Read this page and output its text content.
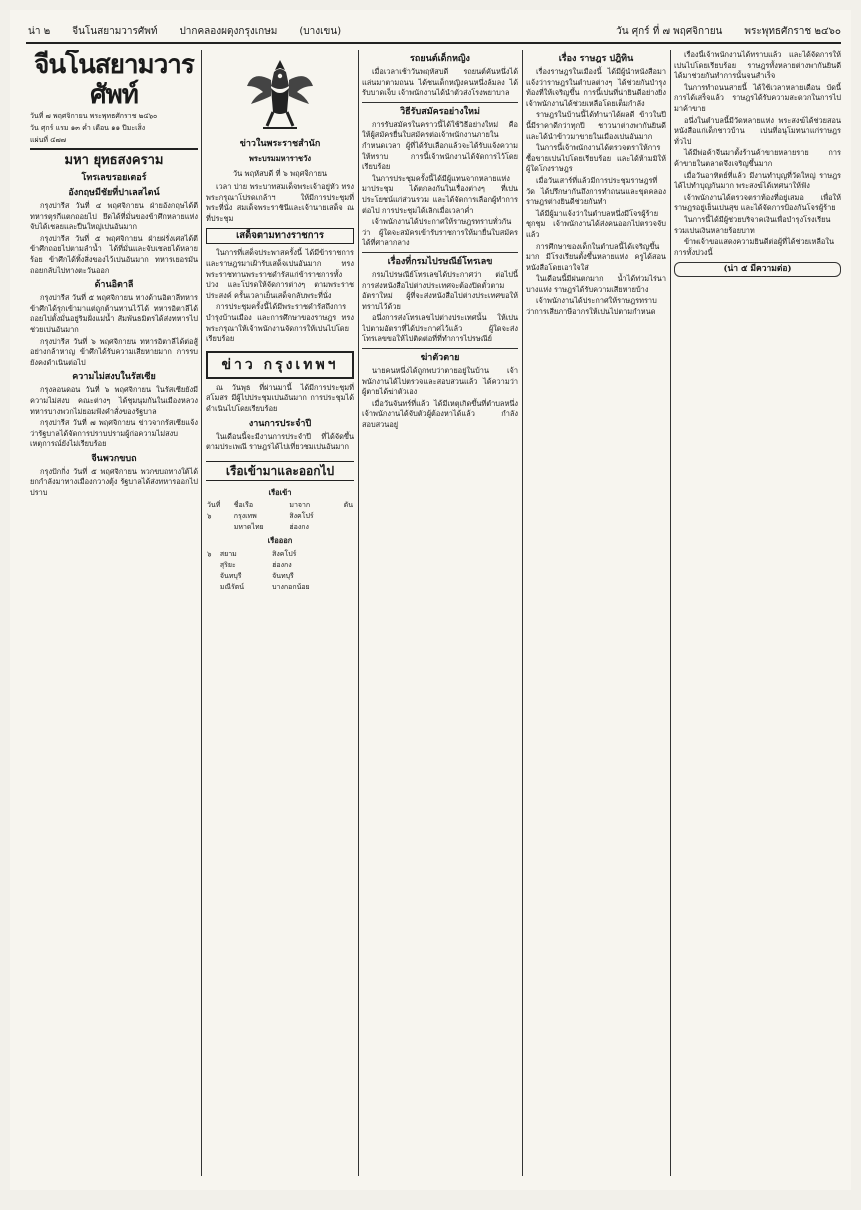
น่า ๒ จีนโนสยามวารศัพท์ ปากคลองผดุงกรุงเกษม (บางเขน)	วัน ศุกร์ ที่ ๗ พฤศจิกายน พระพุทธศักราช ๒๔๖๐
จีนโนสยามวารศัพท์
วันที่ ๗ พฤศจิกายน พระพุทธศักราช ๒๔๖๐
วัน ศุกร์ แรม ๑๓ ค่ำ เดือน ๑๑ ปีมะเส็ง
แผ่นที่ ๔๗๗
มหา ยุทธสงคราม
โทรเลขรอยเตอร์
อังกฤษมีชัยที่ปาเลสไตน์

กรุงปารีส วันที่ ๔ พฤศจิกายน ฝ่ายอังกฤษได้ตีทหารตุรกีแตกถอยไป ยึดได้ที่มั่นของข้าศึกหลายแห่ง จับได้เชลยและปืนใหญ่เปนอันมาก

กรุงปารีส วันที่ ๕ พฤศจิกายน ฝ่ายฝรั่งเศสได้ตีข้าศึกถอยไปตามลำน้ำ ได้ที่มั่นและจับเชลยได้หลายร้อย ข้าศึกได้ทิ้งสิ่งของไว้เปนอันมาก ทหารเยอรมันถอยกลับไปทางตะวันออก

ด้านอิตาลี

กรุงปารีส วันที่ ๕ พฤศจิกายน ทางด้านอิตาลีทหารข้าศึกได้รุกเข้ามาแต่ถูกต้านทานไว้ได้ ทหารอิตาลีได้ถอยไปตั้งมั่นอยู่ริมฝั่งแม่น้ำ สัมพันธมิตรได้ส่งทหารไปช่วยเปนอันมาก

กรุงปารีส วันที่ ๖ พฤศจิกายน ทหารอิตาลีได้ต่อสู้อย่างกล้าหาญ ข้าศึกได้รับความเสียหายมาก การรบยังคงดำเนินต่อไป

ความไม่สงบในรัสเซีย

กรุงลอนดอน วันที่ ๖ พฤศจิกายน ในรัสเซียยังมีความไม่สงบ คณะต่างๆ ได้ชุมนุมกันในเมืองหลวง ทหารบางพวกไม่ยอมฟังคำสั่งของรัฐบาล

กรุงปารีส วันที่ ๗ พฤศจิกายน ข่าวจากรัสเซียแจ้งว่ารัฐบาลได้จัดการปราบปรามผู้ก่อความไม่สงบ เหตุการณ์ยังไม่เรียบร้อย

จีนพวกขบถ

กรุงปักกิ่ง วันที่ ๕ พฤศจิกายน พวกขบถทางใต้ได้ยกกำลังมาทางเมืองกวางตุ้ง รัฐบาลได้ส่งทหารออกไปปราบ

ข่าวในพระราชสำนัก
พระบรมมหาราชวัง
วัน พฤหัสบดี ที่ ๖ พฤศจิกายน

เวลา บ่าย พระบาทสมเด็จพระเจ้าอยู่หัว ทรงพระกรุณาโปรดเกล้าฯ ให้มีการประชุมที่พระที่นั่ง สมเด็จพระราชินีและเจ้านายเสด็จ ณ ที่ประชุม

เสด็จตามทางราชการ

ในการที่เสด็จประพาสครั้งนี้ ได้มีข้าราชการและราษฎรมาเฝ้ารับเสด็จเปนอันมาก ทรงพระราชทานพระราชดำรัสแก่ข้าราชการทั้งปวง และโปรดให้จัดการต่างๆ ตามพระราชประสงค์ ครั้นเวลาเย็นเสด็จกลับพระที่นั่ง

การประชุมครั้งนี้ได้มีพระราชดำรัสถึงการบำรุงบ้านเมือง และการศึกษาของราษฎร ทรงพระกรุณาให้เจ้าพนักงานจัดการให้เปนไปโดยเรียบร้อย

ข่าว กรุงเทพฯ

ณ วันพุธ ที่ผ่านมานี้ ได้มีการประชุมที่สโมสร มีผู้ไปประชุมเปนอันมาก การประชุมได้ดำเนินไปโดยเรียบร้อย

งานการประจำปี

ในเดือนนี้จะมีงานการประจำปี ที่ได้จัดขึ้นตามประเพณี ราษฎรได้ไปเที่ยวชมเปนอันมาก

เรือเข้ามาและออกไป
เรือเข้า
วันที่	ชื่อเรือ	มาจาก	ตัน
๖	กรุงเทพ	สิงคโปร์	
	มหาดไทย	ฮ่องกง	
เรือออก
๖	สยาม	สิงคโปร์	
	สุริยะ	ฮ่องกง	
	จันทบุรี	จันทบุรี	
	มณีรัตน์	บางกอกน้อย	
รถยนต์เด็กหญิง

เมื่อเวลาเช้าวันพฤหัสบดี รถยนต์คันหนึ่งได้แล่นมาตามถนน ได้ชนเด็กหญิงคนหนึ่งล้มลง ได้รับบาดเจ็บ เจ้าพนักงานได้นำตัวส่งโรงพยาบาล

วิธีรับสมัครอย่างใหม่

การรับสมัครในคราวนี้ได้ใช้วิธีอย่างใหม่ คือให้ผู้สมัครยื่นใบสมัครต่อเจ้าพนักงานภายในกำหนดเวลา ผู้ที่ได้รับเลือกแล้วจะได้รับแจ้งความให้ทราบ การนี้เจ้าพนักงานได้จัดการไว้โดยเรียบร้อย

ในการประชุมครั้งนี้ได้มีผู้แทนจากหลายแห่งมาประชุม ได้ตกลงกันในเรื่องต่างๆ ที่เปนประโยชน์แก่ส่วนรวม และได้จัดการเลือกผู้ทำการต่อไป การประชุมได้เลิกเมื่อเวลาค่ำ

เจ้าพนักงานได้ประกาศให้ราษฎรทราบทั่วกันว่า ผู้ใดจะสมัครเข้ารับราชการให้มายื่นใบสมัครได้ที่ศาลากลาง

เรื่องที่กรมไปรษณีย์โทรเลข

กรมไปรษณีย์โทรเลขได้ประกาศว่า ต่อไปนี้การส่งหนังสือไปต่างประเทศจะต้องปิดตั๋วตามอัตราใหม่ ผู้ที่จะส่งหนังสือไปต่างประเทศขอให้ทราบไว้ด้วย

อนึ่งการส่งโทรเลขไปต่างประเทศนั้น ให้เปนไปตามอัตราที่ได้ประกาศไว้แล้ว ผู้ใดจะส่งโทรเลขขอให้ไปติดต่อที่ที่ทำการไปรษณีย์

ฆ่าตัวตาย

นายคนหนึ่งได้ถูกพบว่าตายอยู่ในบ้าน เจ้าพนักงานได้ไปตรวจและสอบสวนแล้ว ได้ความว่าผู้ตายได้ฆ่าตัวเอง

เมื่อวันจันทร์ที่แล้ว ได้มีเหตุเกิดขึ้นที่ตำบลหนึ่ง เจ้าพนักงานได้จับตัวผู้ต้องหาได้แล้ว กำลังสอบสวนอยู่

เรื่อง ราษฎร ปฎิทิน

เรื่องราษฎรในเมืองนี้ ได้มีผู้นำหนังสือมาแจ้งว่าราษฎรในตำบลต่างๆ ได้ช่วยกันบำรุงท้องที่ให้เจริญขึ้น การนี้เปนที่น่ายินดีอย่างยิ่ง เจ้าพนักงานได้ช่วยเหลือโดยเต็มกำลัง

ราษฎรในบ้านนี้ได้ทำนาได้ผลดี ข้าวในปีนี้มีราคาดีกว่าทุกปี ชาวนาต่างพากันยินดี และได้นำข้าวมาขายในเมืองเปนอันมาก

ในการนี้เจ้าพนักงานได้ตรวจตราให้การซื้อขายเปนไปโดยเรียบร้อย และได้ห้ามมิให้ผู้ใดโกงราษฎร

เมื่อวันเสาร์ที่แล้วมีการประชุมราษฎรที่วัด ได้ปรึกษากันถึงการทำถนนและขุดคลอง ราษฎรต่างยินดีช่วยกันทำ

ได้มีผู้มาแจ้งว่าในตำบลหนึ่งมีโจรผู้ร้ายชุกชุม เจ้าพนักงานได้ส่งคนออกไปตรวจจับแล้ว

การศึกษาของเด็กในตำบลนี้ได้เจริญขึ้นมาก มีโรงเรียนตั้งขึ้นหลายแห่ง ครูได้สอนหนังสือโดยเอาใจใส่

ในเดือนนี้มีฝนตกมาก น้ำได้ท่วมไร่นาบางแห่ง ราษฎรได้รับความเสียหายบ้าง

เจ้าพนักงานได้ประกาศให้ราษฎรทราบว่าการเสียภาษีอากรให้เปนไปตามกำหนด

เรื่องนี้เจ้าพนักงานได้ทราบแล้ว และได้จัดการให้เปนไปโดยเรียบร้อย ราษฎรทั้งหลายต่างพากันยินดี ได้มาช่วยกันทำการนั้นจนสำเร็จ

ในการทำถนนสายนี้ ได้ใช้เวลาหลายเดือน บัดนี้การได้เสร็จแล้ว ราษฎรได้รับความสะดวกในการไปมาค้าขาย

อนึ่งในตำบลนี้มีวัดหลายแห่ง พระสงฆ์ได้ช่วยสอนหนังสือแก่เด็กชาวบ้าน เปนที่อนุโมทนาแก่ราษฎรทั่วไป

ได้มีพ่อค้าจีนมาตั้งร้านค้าขายหลายราย การค้าขายในตลาดจึงเจริญขึ้นมาก

เมื่อวันอาทิตย์ที่แล้ว มีงานทำบุญที่วัดใหญ่ ราษฎรได้ไปทำบุญกันมาก พระสงฆ์ได้เทศนาให้ฟัง

เจ้าพนักงานได้ตรวจตราท้องที่อยู่เสมอ เพื่อให้ราษฎรอยู่เย็นเปนสุข และได้จัดการป้องกันโจรผู้ร้าย

ในการนี้ได้มีผู้ช่วยบริจาคเงินเพื่อบำรุงโรงเรียน รวมเปนเงินหลายร้อยบาท

ข้าพเจ้าขอแสดงความยินดีต่อผู้ที่ได้ช่วยเหลือในการทั้งปวงนี้

(น่า ๕ มีความต่อ)
